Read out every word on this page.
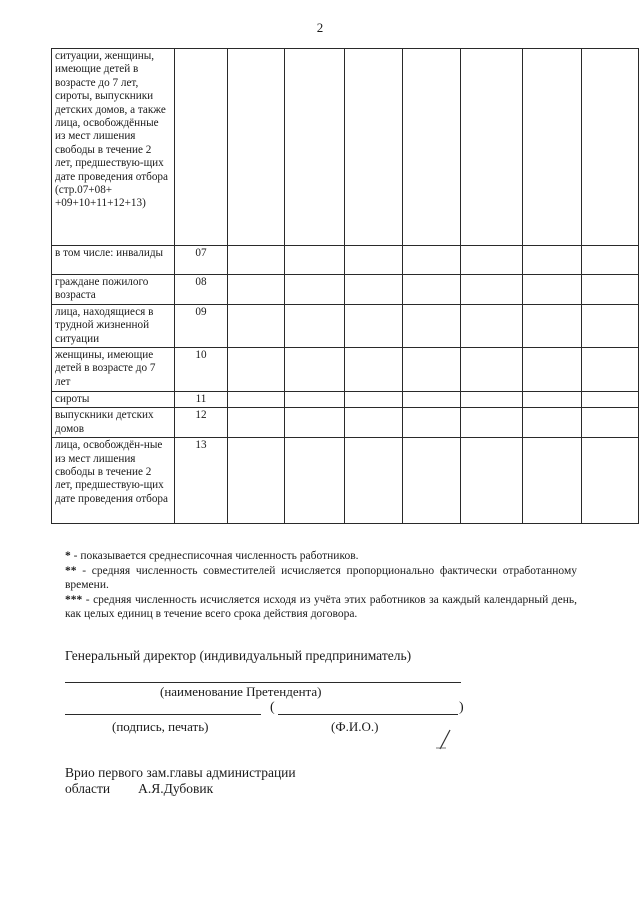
2
ситуации, женщины, имеющие детей в возрасте до 7 лет, сироты, выпускники детских домов, а также лица, освобождённые из мест лишения свободы в течение 2 лет, предшествую-щих дате проведения отбора (стр.07+08+ +09+10+11+12+13)								
в том числе: инвалиды	07							
граждане пожилого возраста	08							
лица, находящиеся в трудной жизненной ситуации	09							
женщины, имеющие детей в возрасте до 7 лет	10							
сироты	11							
выпускники детских домов	12							
лица, освобождён-ные из мест лишения свободы в течение 2 лет, предшествую-щих дате проведения отбора	13							

* - показывается среднесписочная численность работников.

** - средняя численность совместителей исчисляется пропорционально фактически отработанному времени.

*** - средняя численность исчисляется исходя из учёта этих работников за каждый календарный день, как целых единиц в течение всего срока действия договора.

Генеральный директор (индивидуальный предприниматель)
(наименование Претендента)
(	)
(подпись, печать)	(Ф.И.О.)
Врио первого зам.главы администрации
области А.Я.Дубовик
